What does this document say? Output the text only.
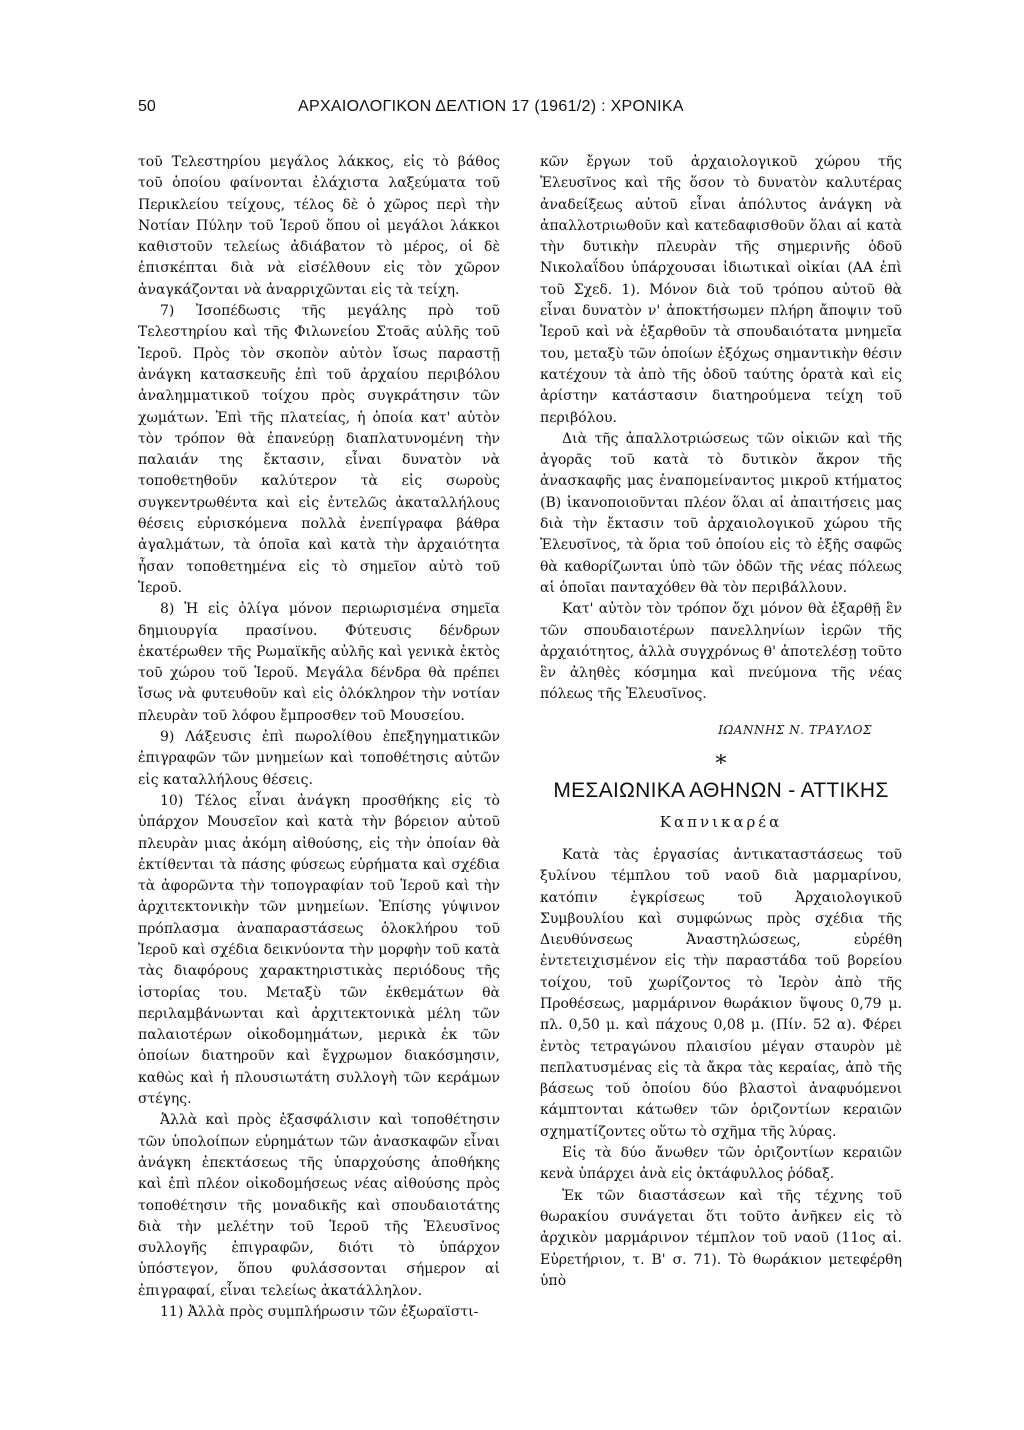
50	ΑΡΧΑΙΟΛΟΓΙΚΟΝ ΔΕΛΤΙΟΝ 17 (1961/2) : ΧΡΟΝΙΚΑ

τοῦ Τελεστηρίου μεγάλος λάκκος, εἰς τὸ βάθος τοῦ ὁποίου φαίνονται ἐλάχιστα λαξεύματα τοῦ Περικλείου τείχους, τέλος δὲ ὁ χῶρος περὶ τὴν Νοτίαν Πύλην τοῦ Ἱεροῦ ὅπου οἱ μεγάλοι λάκκοι καθιστοῦν τελείως ἀδιάβατον τὸ μέρος, οἱ δὲ ἐπισκέπται διὰ νὰ εἰσέλθουν εἰς τὸν χῶρον ἀναγκάζονται νὰ ἀναρριχῶνται εἰς τὰ τείχη.

7) Ἰσοπέδωσις τῆς μεγάλης πρὸ τοῦ Τελεστηρίου καὶ τῆς Φιλωνείου Στοᾶς αὐλῆς τοῦ Ἱεροῦ. Πρὸς τὸν σκοπὸν αὐτὸν ἴσως παραστῇ ἀνάγκη κατασκευῆς ἐπὶ τοῦ ἀρχαίου περιβόλου ἀναλημματικοῦ τοίχου πρὸς συγκράτησιν τῶν χωμάτων. Ἐπὶ τῆς πλατείας, ἡ ὁποία κατ' αὐτὸν τὸν τρόπον θὰ ἐπανεύρῃ διαπλατυνομένη τὴν παλαιάν της ἔκτασιν, εἶναι δυνατὸν νὰ τοποθετηθοῦν καλύτερον τὰ εἰς σωροὺς συγκεντρωθέντα καὶ εἰς ἐντελῶς ἀκαταλλήλους θέσεις εὑρισκόμενα πολλὰ ἐνεπίγραφα βάθρα ἀγαλμάτων, τὰ ὁποῖα καὶ κατὰ τὴν ἀρχαιότητα ἦσαν τοποθετημένα εἰς τὸ σημεῖον αὐτὸ τοῦ Ἱεροῦ.

8) Ἡ εἰς ὀλίγα μόνον περιωρισμένα σημεῖα δημιουργία πρασίνου. Φύτευσις δένδρων ἑκατέρωθεν τῆς Ρωμαϊκῆς αὐλῆς καὶ γενικὰ ἐκτὸς τοῦ χώρου τοῦ Ἱεροῦ. Μεγάλα δένδρα θὰ πρέπει ἴσως νὰ φυτευθοῦν καὶ εἰς ὁλόκληρον τὴν νοτίαν πλευρὰν τοῦ λόφου ἔμπροσθεν τοῦ Μουσείου.

9) Λάξευσις ἐπὶ πωρολίθου ἐπεξηγηματικῶν ἐπιγραφῶν τῶν μνημείων καὶ τοποθέτησις αὐτῶν εἰς καταλλήλους θέσεις.

10) Τέλος εἶναι ἀνάγκη προσθήκης εἰς τὸ ὑπάρχον Μουσεῖον καὶ κατὰ τὴν βόρειον αὐτοῦ πλευρὰν μιας ἀκόμη αἰθούσης, εἰς τὴν ὁποίαν θὰ ἐκτίθενται τὰ πάσης φύσεως εὑρήματα καὶ σχέδια τὰ ἀφορῶντα τὴν τοπογραφίαν τοῦ Ἱεροῦ καὶ τὴν ἀρχιτεκτονικὴν τῶν μνημείων. Ἐπίσης γύψινον πρόπλασμα ἀναπαραστάσεως ὁλοκλήρου τοῦ Ἱεροῦ καὶ σχέδια δεικνύοντα τὴν μορφὴν τοῦ κατὰ τὰς διαφόρους χαρακτηριστικὰς περιόδους τῆς ἱστορίας του. Μεταξὺ τῶν ἐκθεμάτων θὰ περιλαμβάνωνται καὶ ἀρχιτεκτονικὰ μέλη τῶν παλαιοτέρων οἰκοδομημάτων, μερικὰ ἐκ τῶν ὁποίων διατηροῦν καὶ ἔγχρωμον διακόσμησιν, καθὼς καὶ ἡ πλουσιωτάτη συλλογὴ τῶν κεράμων στέγης.

Ἀλλὰ καὶ πρὸς ἐξασφάλισιν καὶ τοποθέτησιν τῶν ὑπολοίπων εὑρημάτων τῶν ἀνασκαφῶν εἶναι ἀνάγκη ἐπεκτάσεως τῆς ὑπαρχούσης ἀποθήκης καὶ ἐπὶ πλέον οἰκοδομήσεως νέας αἰθούσης πρὸς τοποθέτησιν τῆς μοναδικῆς καὶ σπουδαιοτάτης διὰ τὴν μελέτην τοῦ Ἱεροῦ τῆς Ἐλευσῖνος συλλογῆς ἐπιγραφῶν, διότι τὸ ὑπάρχον ὑπόστεγον, ὅπου φυλάσσονται σήμερον αἱ ἐπιγραφαί, εἶναι τελείως ἀκατάλληλον.

11) Ἀλλὰ πρὸς συμπλήρωσιν τῶν ἐξωραϊστι-

κῶν ἔργων τοῦ ἀρχαιολογικοῦ χώρου τῆς Ἐλευσῖνος καὶ τῆς ὅσον τὸ δυνατὸν καλυτέρας ἀναδείξεως αὐτοῦ εἶναι ἀπόλυτος ἀνάγκη νὰ ἀπαλλοτριωθοῦν καὶ κατεδαφισθοῦν ὅλαι αἱ κατὰ τὴν δυτικὴν πλευρὰν τῆς σημερινῆς ὁδοῦ Νικολαΐδου ὑπάρχουσαι ἰδιωτικαὶ οἰκίαι (ΑΑ ἐπὶ τοῦ Σχεδ. 1). Μόνον διὰ τοῦ τρόπου αὐτοῦ θὰ εἶναι δυνατὸν ν' ἀποκτήσωμεν πλήρη ἄποψιν τοῦ Ἱεροῦ καὶ νὰ ἐξαρθοῦν τὰ σπουδαιότατα μνημεῖα του, μεταξὺ τῶν ὁποίων ἐξόχως σημαντικὴν θέσιν κατέχουν τὰ ἀπὸ τῆς ὁδοῦ ταύτης ὁρατὰ καὶ εἰς ἀρίστην κατάστασιν διατηρούμενα τείχη τοῦ περιβόλου.

Διὰ τῆς ἀπαλλοτριώσεως τῶν οἰκιῶν καὶ τῆς ἀγορᾶς τοῦ κατὰ τὸ δυτικὸν ἄκρον τῆς ἀνασκαφῆς μας ἐναπομείναντος μικροῦ κτήματος (Β) ἱκανοποιοῦνται πλέον ὅλαι αἱ ἀπαιτήσεις μας διὰ τὴν ἔκτασιν τοῦ ἀρχαιολογικοῦ χώρου τῆς Ἐλευσῖνος, τὰ ὅρια τοῦ ὁποίου εἰς τὸ ἑξῆς σαφῶς θὰ καθορίζωνται ὑπὸ τῶν ὁδῶν τῆς νέας πόλεως αἱ ὁποῖαι πανταχόθεν θὰ τὸν περιβάλλουν.

Κατ' αὐτὸν τὸν τρόπον ὄχι μόνον θὰ ἐξαρθῇ ἓν τῶν σπουδαιοτέρων πανελληνίων ἱερῶν τῆς ἀρχαιότητος, ἀλλὰ συγχρόνως θ' ἀποτελέσῃ τοῦτο ἓν ἀληθὲς κόσμημα καὶ πνεύμονα τῆς νέας πόλεως τῆς Ἐλευσῖνος.

ΙΩΑΝΝΗΣ Ν. ΤΡΑΥΛΟΣ
∗
ΜΕΣΑΙΩΝΙΚΑ ΑΘΗΝΩΝ - ΑΤΤΙΚΗΣ
Καπνικαρέα

Κατὰ τὰς ἐργασίας ἀντικαταστάσεως τοῦ ξυλίνου τέμπλου τοῦ ναοῦ διὰ μαρμαρίνου, κατόπιν ἐγκρίσεως τοῦ Ἀρχαιολογικοῦ Συμβουλίου καὶ συμφώνως πρὸς σχέδια τῆς Διευθύνσεως Ἀναστηλώσεως, εὑρέθη ἐντετειχισμένον εἰς τὴν παραστάδα τοῦ βορείου τοίχου, τοῦ χωρίζοντος τὸ Ἱερὸν ἀπὸ τῆς Προθέσεως, μαρμάρινον θωράκιον ὕψους 0,79 μ. πλ. 0,50 μ. καὶ πάχους 0,08 μ. (Πίν. 52 α). Φέρει ἐντὸς τετραγώνου πλαισίου μέγαν σταυρὸν μὲ πεπλατυσμένας εἰς τὰ ἄκρα τὰς κεραίας, ἀπὸ τῆς βάσεως τοῦ ὁποίου δύο βλαστοὶ ἀναφυόμενοι κάμπτονται κάτωθεν τῶν ὁριζοντίων κεραιῶν σχηματίζοντες οὕτω τὸ σχῆμα τῆς λύρας.

Εἰς τὰ δύο ἄνωθεν τῶν ὁριζοντίων κεραιῶν κενὰ ὑπάρχει ἀνὰ εἰς ὀκτάφυλλος ῥόδαξ.

Ἐκ τῶν διαστάσεων καὶ τῆς τέχνης τοῦ θωρακίου συνάγεται ὅτι τοῦτο ἀνῆκεν εἰς τὸ ἀρχικὸν μαρμάρινον τέμπλον τοῦ ναοῦ (11ος αἰ. Εὑρετήριον, τ. Β' σ. 71). Τὸ θωράκιον μετεφέρθη ὑπὸ
